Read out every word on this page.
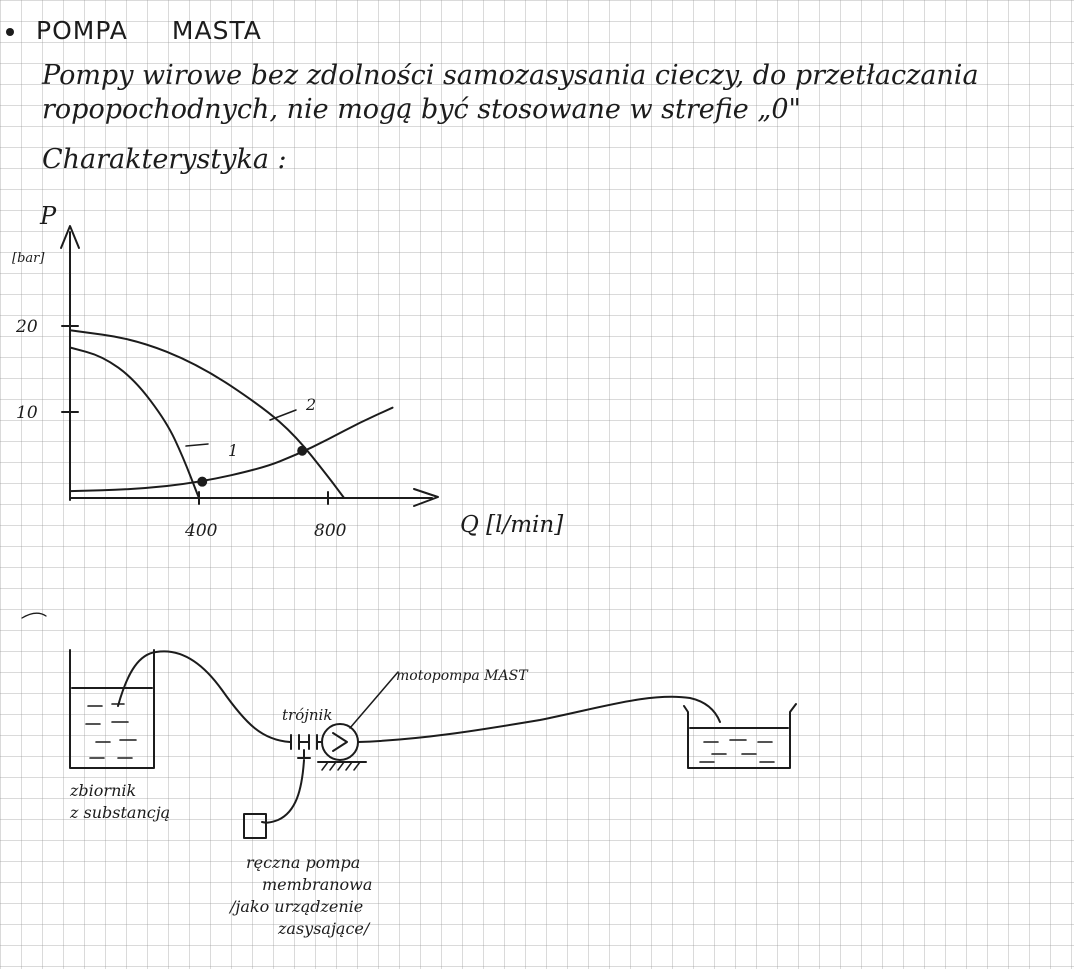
POMPA MASTA
Pompy wirowe bez zdolności samozasysania cieczy, do przetłaczania
ropopochodnych, nie mogą być stosowane w strefie „0"
Charakterystyka :
P
[bar]
Q [l/min]
1
2
400	800
10
20
motopompa MAST
trójnik
zbiornik
z substancją
ręczna pompa
membranowa
/jako urządzenie
zasysające/
